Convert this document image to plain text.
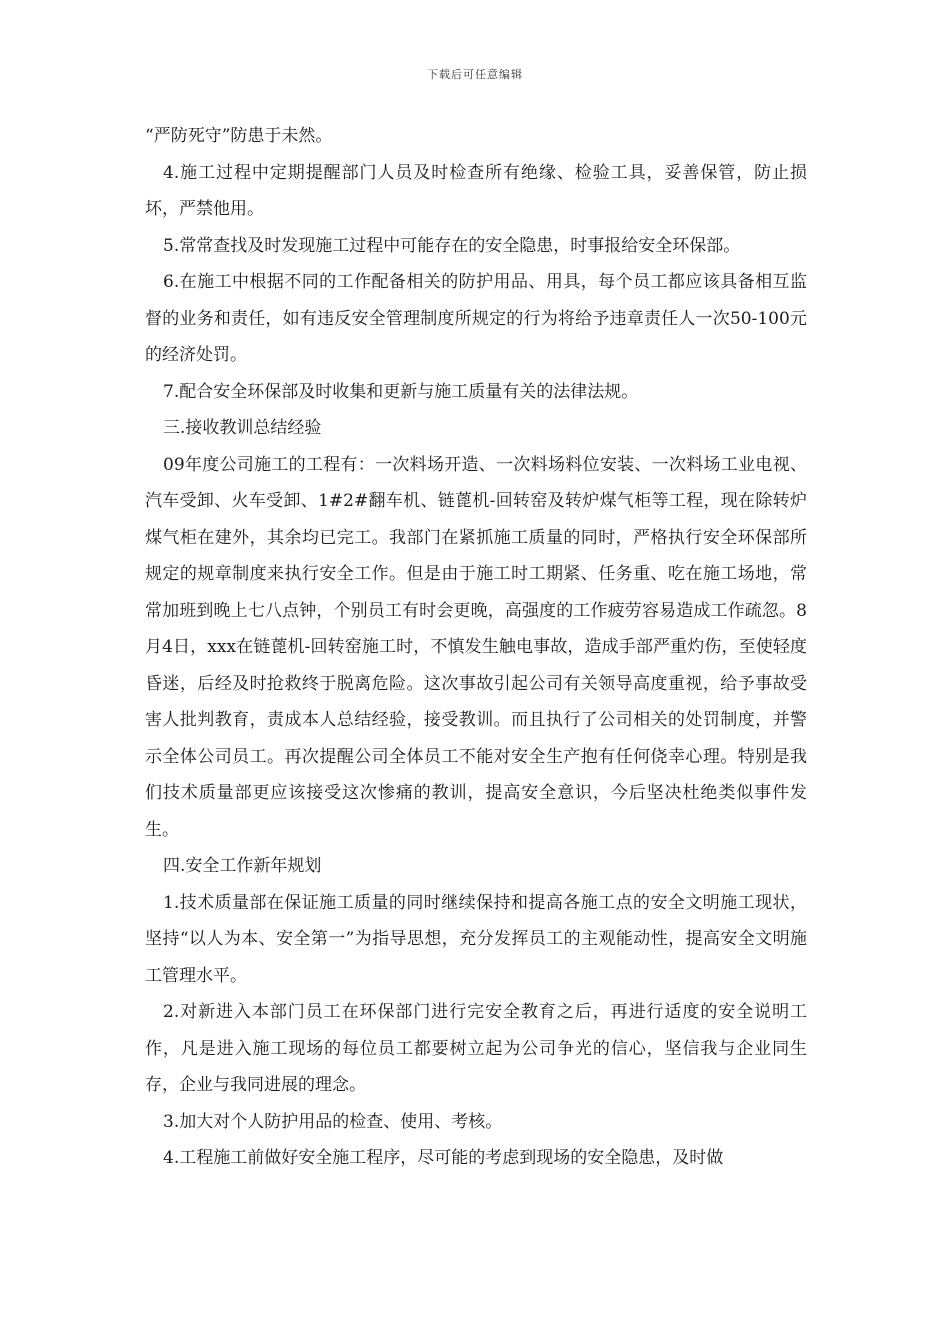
下载后可任意编辑

“严防死守”防患于未然。

4.施工过程中定期提醒部门人员及时检查所有绝缘、检验工具，妥善保管，防止损坏，严禁他用。

5.常常查找及时发现施工过程中可能存在的安全隐患，时事报给安全环保部。

6.在施工中根据不同的工作配备相关的防护用品、用具，每个员工都应该具备相互监督的业务和责任，如有违反安全管理制度所规定的行为将给予违章责任人一次50-100元的经济处罚。

7.配合安全环保部及时收集和更新与施工质量有关的法律法规。

三.接收教训总结经验

09年度公司施工的工程有：一次料场开造、一次料场料位安装、一次料场工业电视、汽车受卸、火车受卸、1#2#翻车机、链蓖机-回转窑及转炉煤气柜等工程，现在除转炉煤气柜在建外，其余均已完工。我部门在紧抓施工质量的同时，严格执行安全环保部所规定的规章制度来执行安全工作。但是由于施工时工期紧、任务重、吃在施工场地，常常加班到晚上七八点钟，个别员工有时会更晚，高强度的工作疲劳容易造成工作疏忽。8月4日，xxx在链蓖机-回转窑施工时，不慎发生触电事故，造成手部严重灼伤，至使轻度昏迷，后经及时抢救终于脱离危险。这次事故引起公司有关领导高度重视，给予事故受害人批判教育，责成本人总结经验，接受教训。而且执行了公司相关的处罚制度，并警示全体公司员工。再次提醒公司全体员工不能对安全生产抱有任何侥幸心理。特别是我们技术质量部更应该接受这次惨痛的教训，提高安全意识，今后坚决杜绝类似事件发生。

四.安全工作新年规划

1.技术质量部在保证施工质量的同时继续保持和提高各施工点的安全文明施工现状，坚持“以人为本、安全第一”为指导思想，充分发挥员工的主观能动性，提高安全文明施工管理水平。

2.对新进入本部门员工在环保部门进行完安全教育之后，再进行适度的安全说明工作，凡是进入施工现场的每位员工都要树立起为公司争光的信心，坚信我与企业同生存，企业与我同进展的理念。

3.加大对个人防护用品的检查、使用、考核。

4.工程施工前做好安全施工程序，尽可能的考虑到现场的安全隐患，及时做
